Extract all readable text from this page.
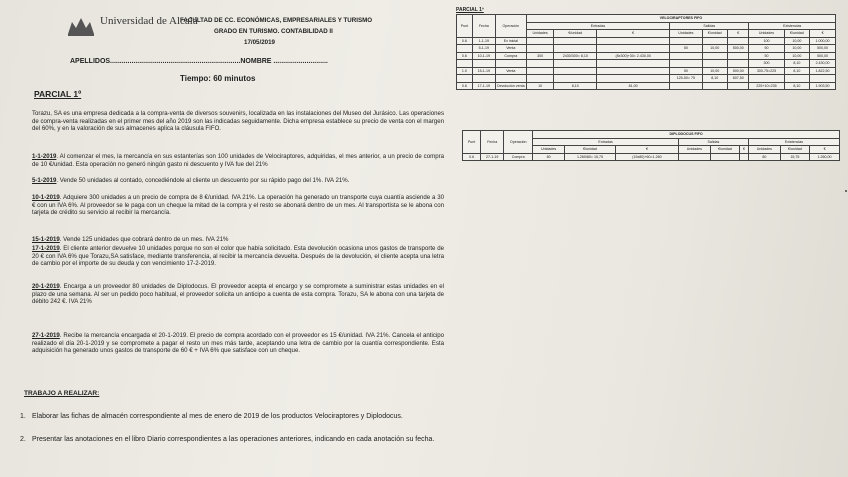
Universidad de Alcalá
FACULTAD DE CC. ECONÓMICAS, EMPRESARIALES Y TURISMO
GRADO EN TURISMO. CONTABILIDAD II
17/05/2019
APELLIDOS...................................................................NOMBRE ............................
Tiempo: 60 minutos
PARCIAL 1º
Torazu, SA es una empresa dedicada a la compra-venta de diversos souvenirs, localizada en las instalaciones del Museo del Jurásico. Las operaciones de compra-venta realizadas en el primer mes del año 2019 son las indicadas seguidamente. Dicha empresa establece su precio de venta con el margen del 60%, y en la valoración de sus almacenes aplica la cláusula FIFO.
1-1-2019. Al comenzar el mes, la mercancía en sus estanterías son 100 unidades de Velociraptores, adquiridas, el mes anterior, a un precio de compra de 10 €/unidad. Esta operación no generó ningún gasto ni descuento y IVA fue del 21%
5-1-2019. Vende 50 unidades al contado, concediéndole al cliente un descuento por su rápido pago del 1%. IVA 21%.
10-1-2019. Adquiere 300 unidades a un precio de compra de 8 €/unidad. IVA 21%. La operación ha generado un transporte cuya cuantía asciende a 30 € con un IVA 6%. Al proveedor se le paga con un cheque la mitad de la compra y el resto se abonará dentro de un mes. Al transportista se le abona con tarjeta de crédito su servicio al recibir la mercancía.
15-1-2019. Vende 125 unidades que cobrará dentro de un mes. IVA 21%
17-1-2019. El cliente anterior devuelve 10 unidades porque no son el color que había solicitado. Esta devolución ocasiona unos gastos de transporte de 20 € con IVA 6% que Torazu,SA satisface, mediante transferencia, al recibir la mercancía devuelta. Después de la devolución, el cliente acepta una letra de cambio por el importe de su deuda y con vencimiento 17-2-2019.
20-1-2019. Encarga a un proveedor 80 unidades de Diplodocus. El proveedor acepta el encargo y se compromete a suministrar estas unidades en el plazo de una semana. Al ser un pedido poco habitual, el proveedor solicita un anticipo a cuenta de esta compra. Torazu, SA le abona con una tarjeta de débito 242 €. IVA 21%
27-1-2019. Recibe la mercancía encargada el 20-1-2019. El precio de compra acordado con el proveedor es 15 €/unidad. IVA 21%. Cancela el anticipo realizado el día 20-1-2019 y se compromete a pagar el resto un mes más tarde, aceptando una letra de cambio por la cuantía correspondiente. Esta adquisición ha generado unos gastos de transporte de 60 € + IVA 6% que satisface con un cheque.
TRABAJO A REALIZAR:
1. Elaborar las fichas de almacén correspondiente al mes de enero de 2019 de los productos Velociraptores y Diplodocus.
2. Presentar las anotaciones en el libro Diario correspondientes a las operaciones anteriores, indicando en cada anotación su fecha.
PARCIAL 1º
Punt	Fecha	Operación	VELOCIRAPTORES FIFO								
			Entradas			Salidas			Existencias		
			Unidades	€/unidad	€	Unidades	€/unidad	€	Unidades	€/unidad	€
0.6	1-1-19	Ex inicial							100	10,00	1.000,00
	5-1-19	Venta				50	10,00	500,00	50	10,00	500,00
0.6	10-1-19	Compra	300	2430/300= 8,10	(8x300)+30= 2.430,00				50	10,00	500,00
									300	8,10	2.430,00
1.0	15-1-19	Venta				50	10,00	500,00	300-75=225	8,10	1.822,50
						125-50= 75	8,10	607,50			
0.6	17-1-19	Devolución venta	10	8,10	81,00				225+10=235	8,10	1.903,50
Punt	Fecha	Operación	DIPLODOCUS FIFO								
			Entradas			Salidas			Existencias		
			Unidades	€/unidad	€	Unidades	€/unidad	€	Unidades	€/unidad	€
0.6	27-1-19	Compra	80	1.260/80= 15,75	(15x80)+60=1.260				80	15,75	1.260,00
